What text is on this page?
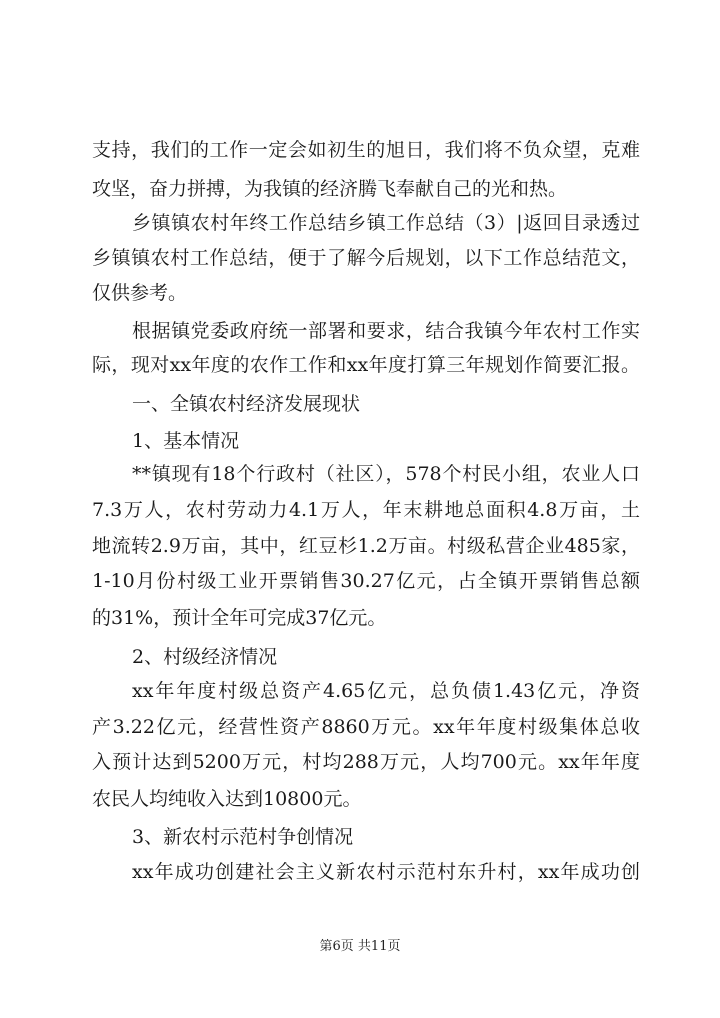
支持，我们的工作一定会如初生的旭日，我们将不负众望，克难
攻坚，奋力拼搏，为我镇的经济腾飞奉献自己的光和热。
乡镇镇农村年终工作总结乡镇工作总结（3）|返回目录透过
乡镇镇农村工作总结，便于了解今后规划，以下工作总结范文，
仅供参考。
根据镇党委政府统一部署和要求，结合我镇今年农村工作实
际，现对xx年度的农作工作和xx年度打算三年规划作简要汇报。
一、全镇农村经济发展现状
1、基本情况
**镇现有18个行政村（社区），578个村民小组，农业人口
7.3万人，农村劳动力4.1万人，年末耕地总面积4.8万亩，土
地流转2.9万亩，其中，红豆杉1.2万亩。村级私营企业485家，
1-10月份村级工业开票销售30.27亿元，占全镇开票销售总额
的31%，预计全年可完成37亿元。
2、村级经济情况
xx年年度村级总资产4.65亿元，总负债1.43亿元，净资
产3.22亿元，经营性资产8860万元。xx年年度村级集体总收
入预计达到5200万元，村均288万元，人均700元。xx年年度
农民人均纯收入达到10800元。
3、新农村示范村争创情况
xx年成功创建社会主义新农村示范村东升村，xx年成功创
第6页 共11页
